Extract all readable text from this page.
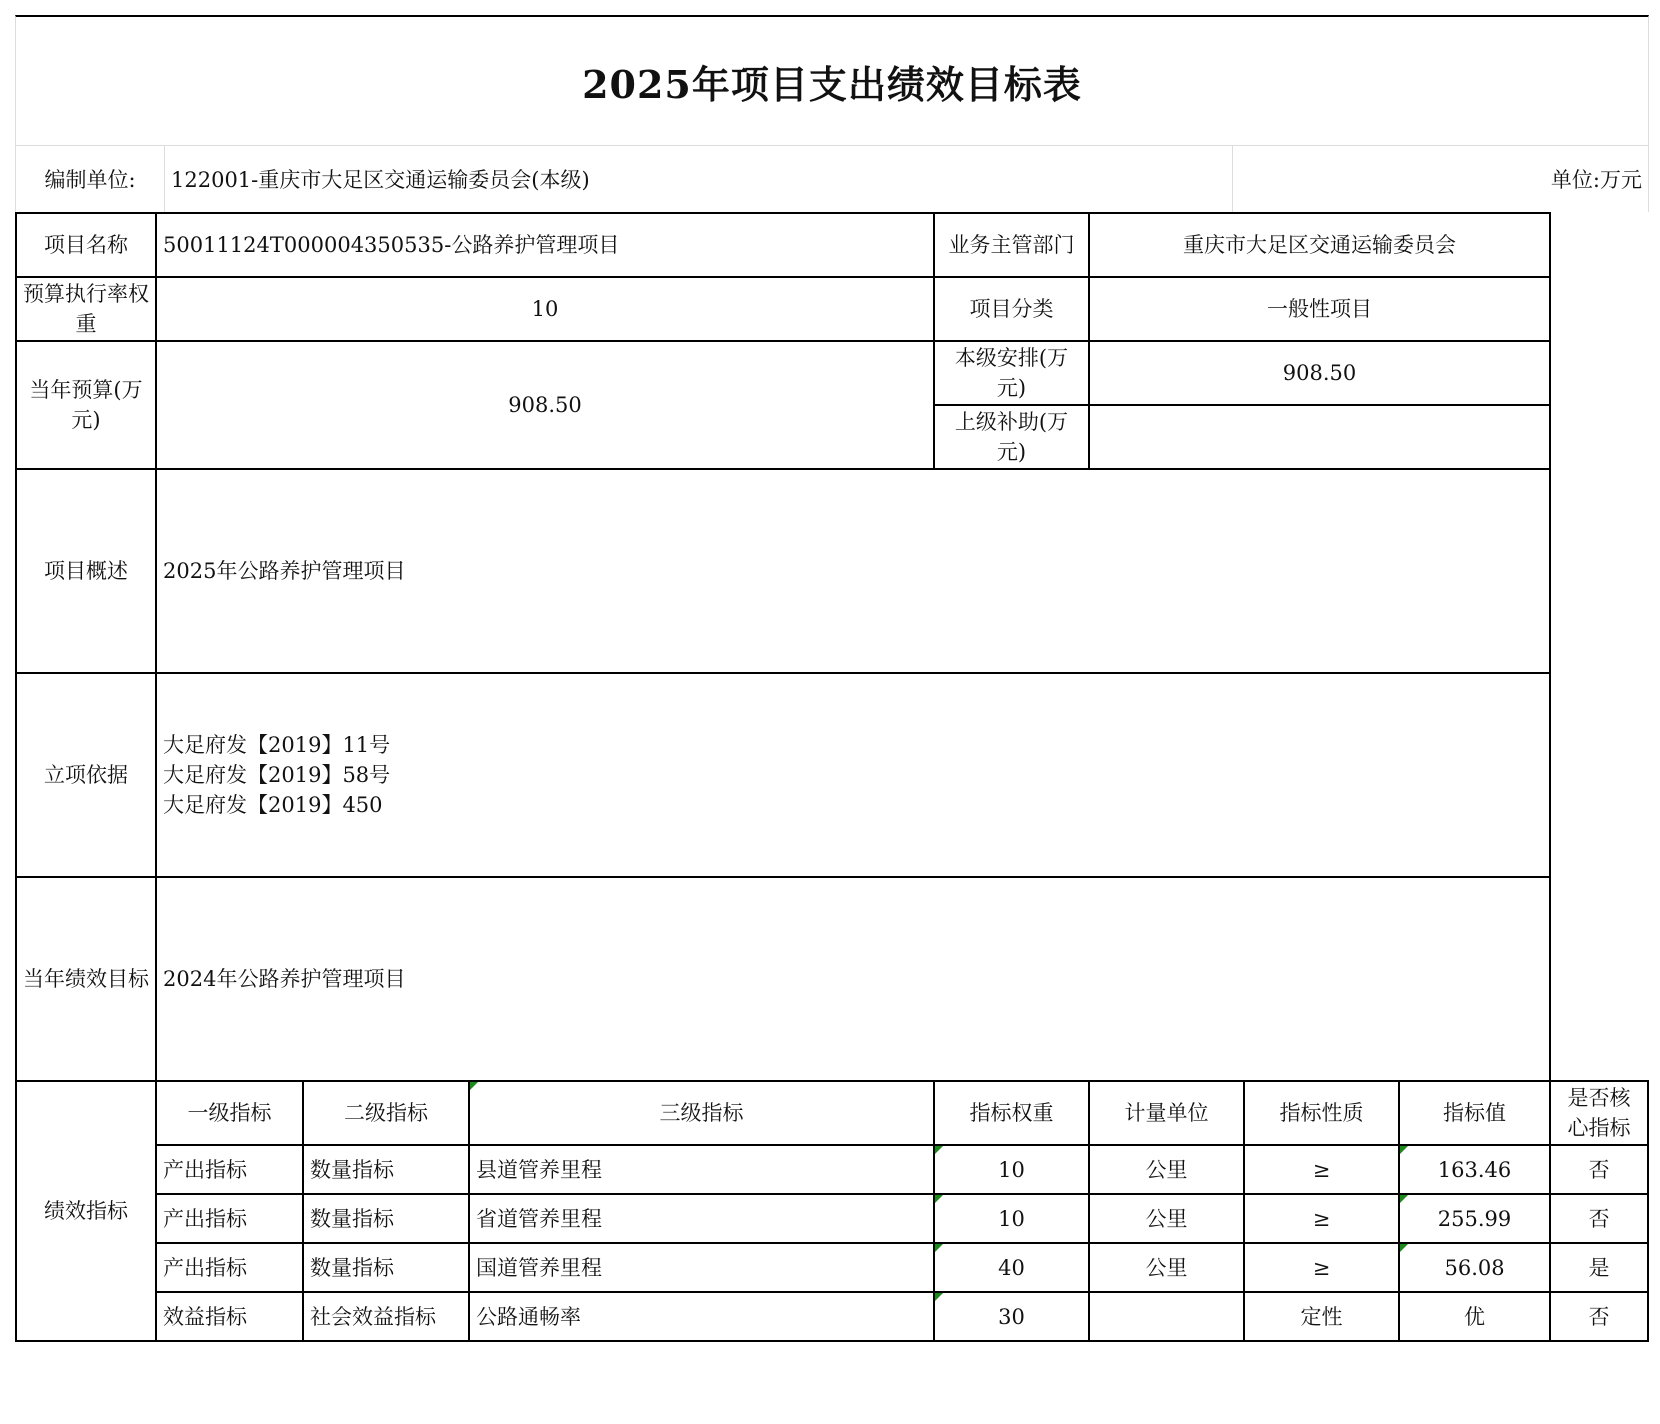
2025年项目支出绩效目标表
编制单位:	122001-重庆市大足区交通运输委员会(本级)	单位:万元
项目名称	50011124T000004350535-公路养护管理项目			业务主管部门	重庆市大足区交通运输委员会			
预算执行率权重	10			项目分类	一般性项目			
当年预算(万元)	908.50			本级安排(万元)	908.50			
				上级补助(万元)				
项目概述	2025年公路养护管理项目							
立项依据	大足府发【2019】11号
大足府发【2019】58号
大足府发【2019】450							

当年绩效目标	2024年公路养护管理项目							
绩效指标	一级指标	二级指标	三级指标	指标权重	计量单位	指标性质	指标值	是否核心指标
	产出指标	数量指标	县道管养里程	10	公里	≥	163.46	否
	产出指标	数量指标	省道管养里程	10	公里	≥	255.99	否
	产出指标	数量指标	国道管养里程	40	公里	≥	56.08	是
	效益指标	社会效益指标	公路通畅率	30		定性	优	否
